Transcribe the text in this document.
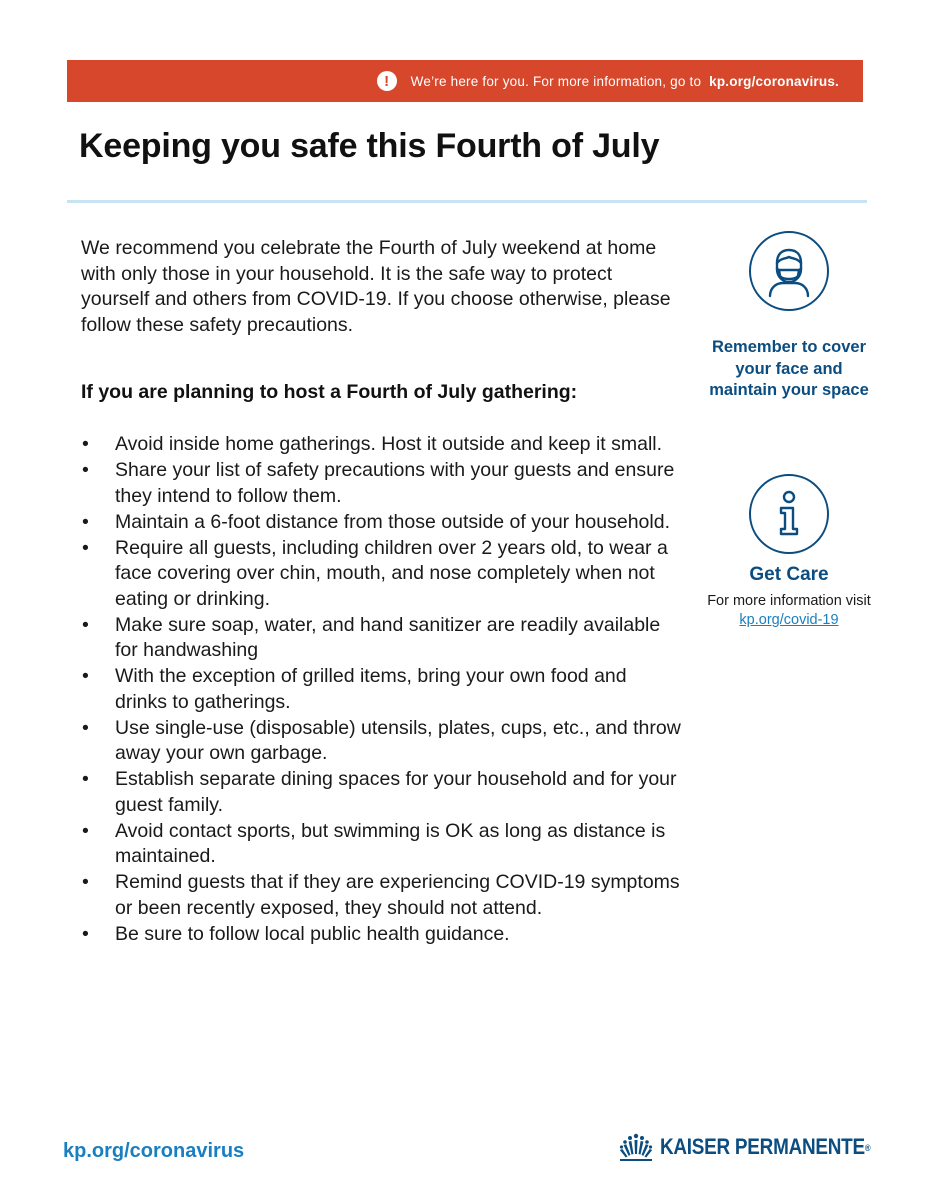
!	We’re here for you. For more information, go to kp.org/coronavirus.
Keeping you safe this Fourth of July

We recommend you celebrate the Fourth of July weekend at home with only those in your household. It is the safe way to protect yourself and others from COVID-19. If you choose otherwise, please follow these safety precautions.

If you are planning to host a Fourth of July gathering:
• Avoid inside home gatherings. Host it outside and keep it small.
• Share your list of safety precautions with your guests and ensure they intend to follow them.
• Maintain a 6-foot distance from those outside of your household.
• Require all guests, including children over 2 years old, to wear a face covering over chin, mouth, and nose completely when not eating or drinking.
• Make sure soap, water, and hand sanitizer are readily available for handwashing
• With the exception of grilled items, bring your own food and drinks to gatherings.
• Use single-use (disposable) utensils, plates, cups, etc., and throw away your own garbage.
• Establish separate dining spaces for your household and for your guest family.
• Avoid contact sports, but swimming is OK as long as distance is maintained.
• Remind guests that if they are experiencing COVID-19 symptoms or been recently exposed, they should not attend.
• Be sure to follow local public health guidance.
Remember to cover your face and maintain your space
Get Care
For more information visit kp.org/covid-19
kp.org/coronavirus	KAISER PERMANENTE®
